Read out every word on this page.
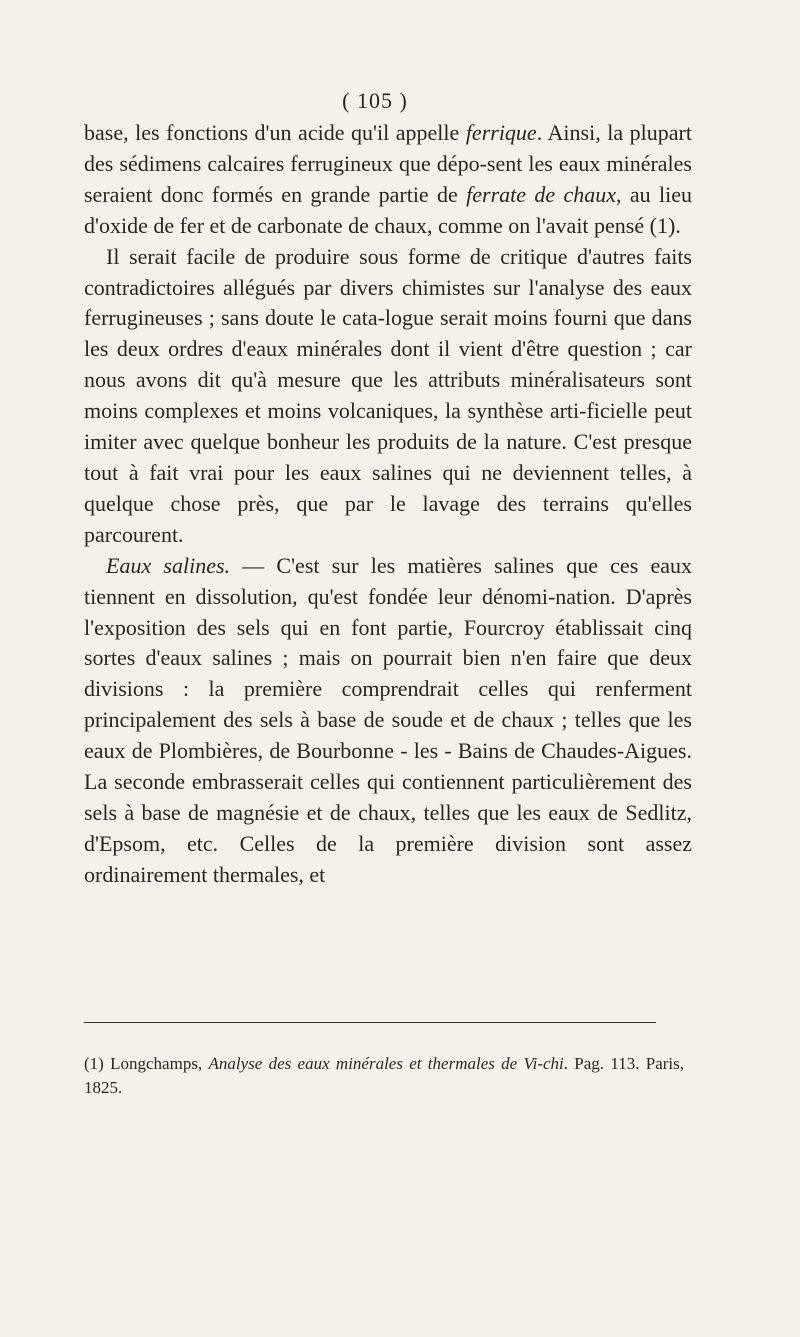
( 105 )

base, les fonctions d'un acide qu'il appelle ferrique. Ainsi, la plupart des sédimens calcaires ferrugineux que dépo-sent les eaux minérales seraient donc formés en grande partie de ferrate de chaux, au lieu d'oxide de fer et de carbonate de chaux, comme on l'avait pensé (1).

Il serait facile de produire sous forme de critique d'autres faits contradictoires allégués par divers chimistes sur l'analyse des eaux ferrugineuses ; sans doute le cata-logue serait moins fourni que dans les deux ordres d'eaux minérales dont il vient d'être question ; car nous avons dit qu'à mesure que les attributs minéralisateurs sont moins complexes et moins volcaniques, la synthèse arti-ficielle peut imiter avec quelque bonheur les produits de la nature. C'est presque tout à fait vrai pour les eaux salines qui ne deviennent telles, à quelque chose près, que par le lavage des terrains qu'elles parcourent.

Eaux salines. — C'est sur les matières salines que ces eaux tiennent en dissolution, qu'est fondée leur dénomi-nation. D'après l'exposition des sels qui en font partie, Fourcroy établissait cinq sortes d'eaux salines ; mais on pourrait bien n'en faire que deux divisions : la première comprendrait celles qui renferment principalement des sels à base de soude et de chaux ; telles que les eaux de Plombières, de Bourbonne - les - Bains de Chaudes-Aigues. La seconde embrasserait celles qui contiennent particulièrement des sels à base de magnésie et de chaux, telles que les eaux de Sedlitz, d'Epsom, etc. Celles de la première division sont assez ordinairement thermales, et

(1) Longchamps, Analyse des eaux minérales et thermales de Vi-chi. Pag. 113. Paris, 1825.
